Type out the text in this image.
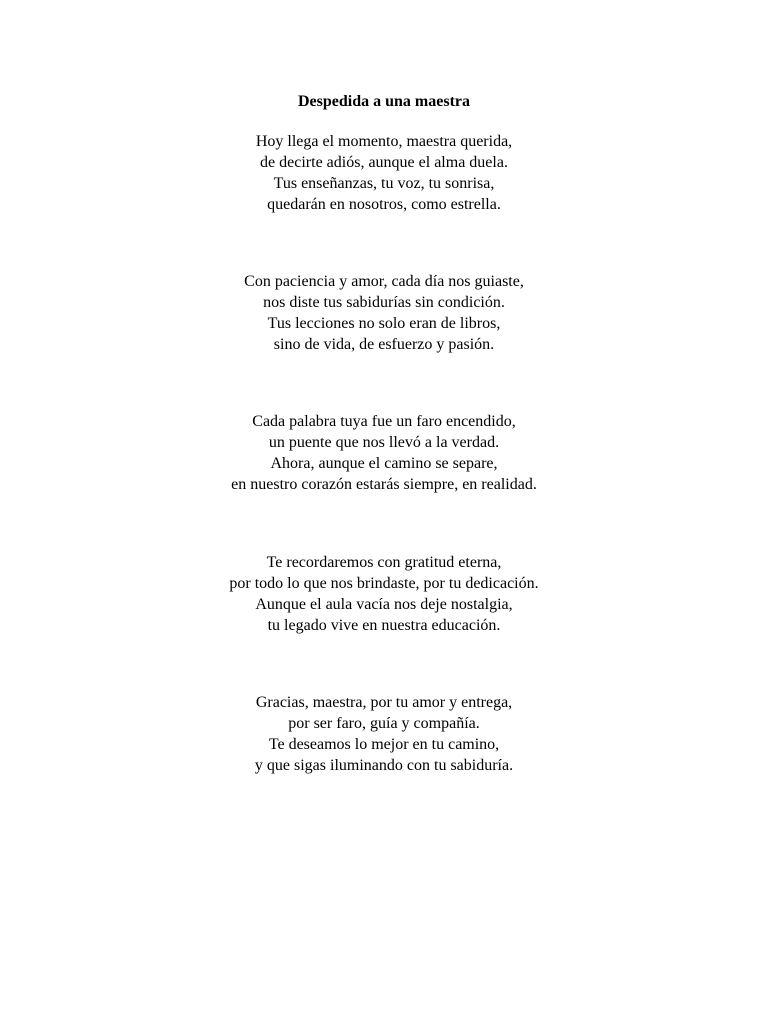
Despedida a una maestra
Hoy llega el momento, maestra querida,
de decirte adiós, aunque el alma duela.
Tus enseñanzas, tu voz, tu sonrisa,
quedarán en nosotros, como estrella.
Con paciencia y amor, cada día nos guiaste,
nos diste tus sabidurías sin condición.
Tus lecciones no solo eran de libros,
sino de vida, de esfuerzo y pasión.
Cada palabra tuya fue un faro encendido,
un puente que nos llevó a la verdad.
Ahora, aunque el camino se separe,
en nuestro corazón estarás siempre, en realidad.
Te recordaremos con gratitud eterna,
por todo lo que nos brindaste, por tu dedicación.
Aunque el aula vacía nos deje nostalgia,
tu legado vive en nuestra educación.
Gracias, maestra, por tu amor y entrega,
por ser faro, guía y compañía.
Te deseamos lo mejor en tu camino,
y que sigas iluminando con tu sabiduría.
